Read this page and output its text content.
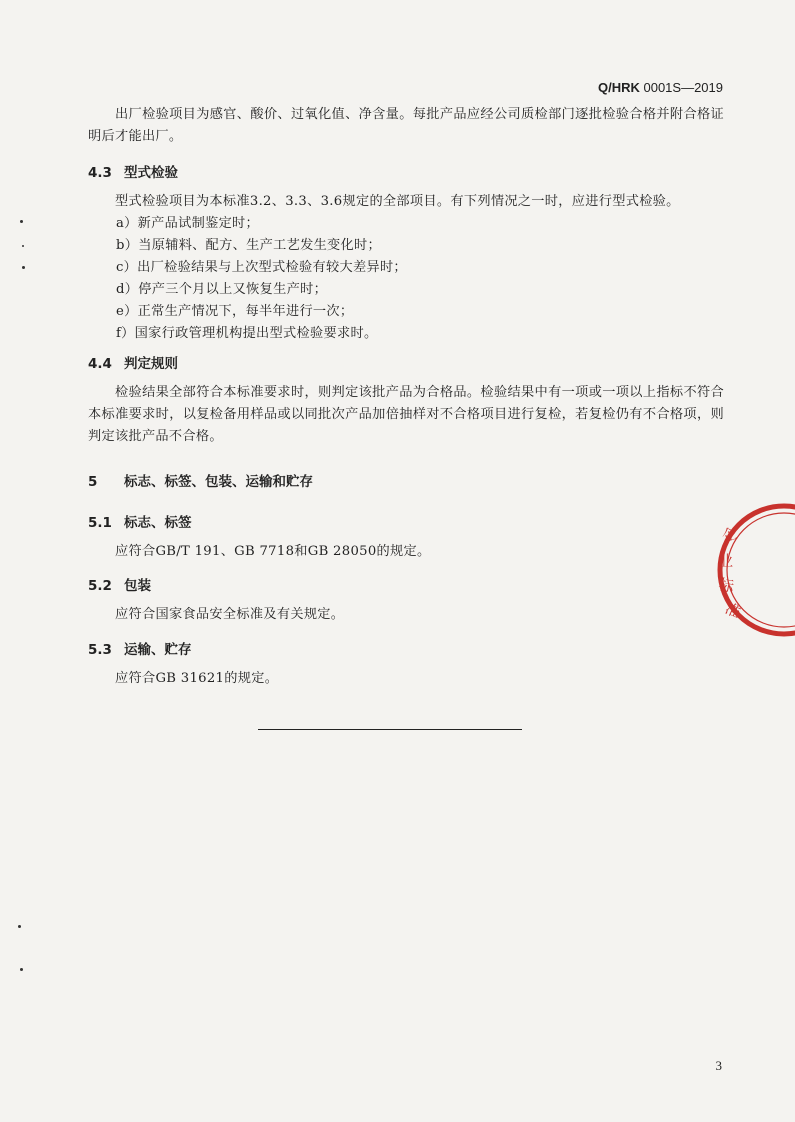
Q/HRK 0001S—2019
出厂检验项目为感官、酸价、过氧化值、净含量。每批产品应经公司质检部门逐批检验合格并附合格证明后才能出厂。
4.3 型式检验
型式检验项目为本标准3.2、3.3、3.6规定的全部项目。有下列情况之一时，应进行型式检验。
a）新产品试制鉴定时；
b）当原辅料、配方、生产工艺发生变化时；
c）出厂检验结果与上次型式检验有较大差异时；
d）停产三个月以上又恢复生产时；
e）正常生产情况下，每半年进行一次；
f）国家行政管理机构提出型式检验要求时。
4.4 判定规则
检验结果全部符合本标准要求时，则判定该批产品为合格品。检验结果中有一项或一项以上指标不符合本标准要求时，以复检备用样品或以同批次产品加倍抽样对不合格项目进行复检，若复检仍有不合格项，则判定该批产品不合格。
5 标志、标签、包装、运输和贮存
5.1 标志、标签
应符合GB/T 191、GB 7718和GB 28050的规定。
5.2 包装
应符合国家食品安全标准及有关规定。
5.3 运输、贮存
应符合GB 31621的规定。
企
业
标
准
3
